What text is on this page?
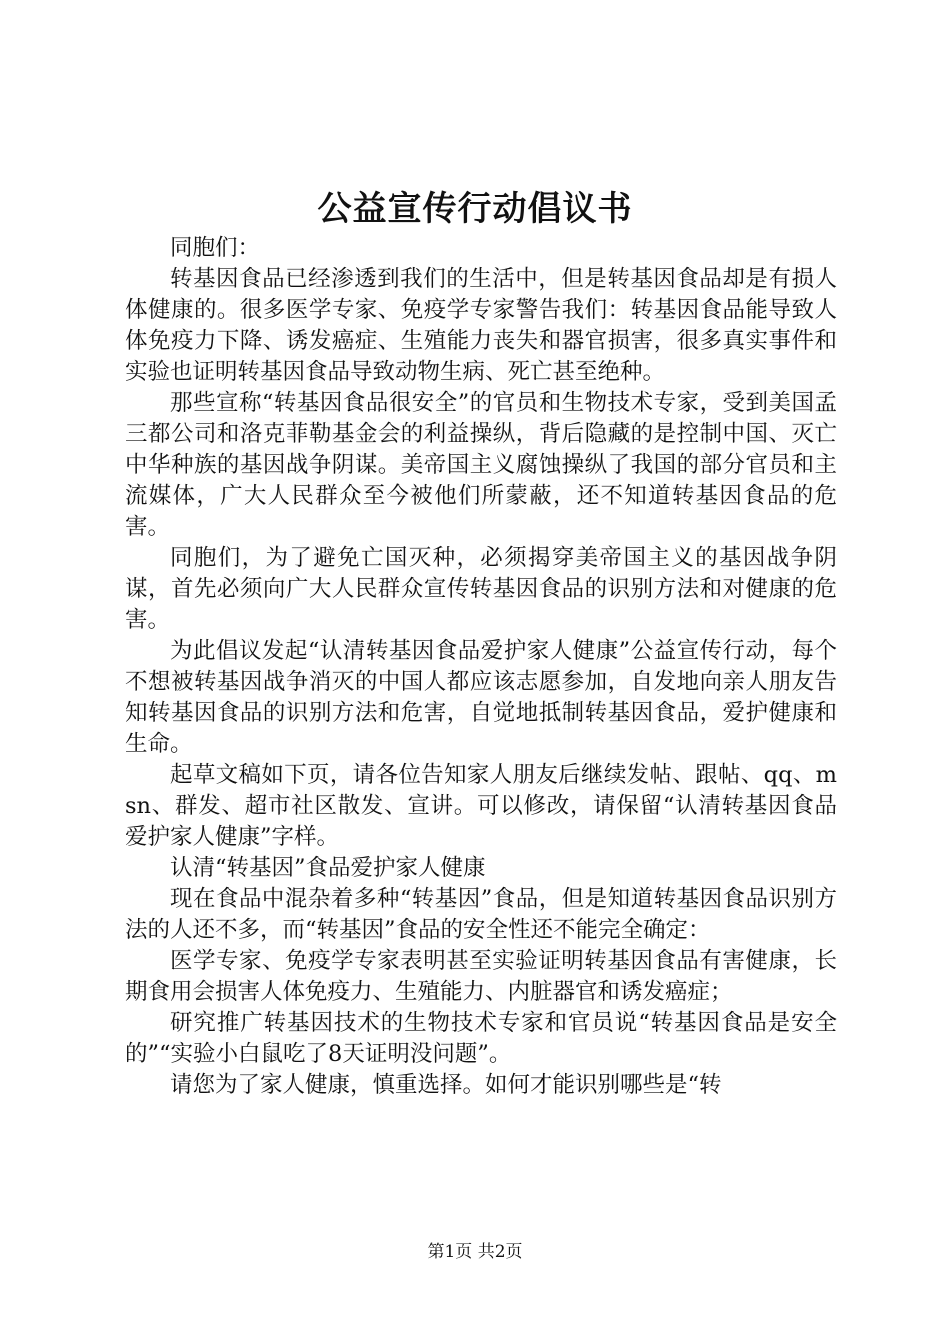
公益宣传行动倡议书

同胞们：

转基因食品已经渗透到我们的生活中，但是转基因食品却是有损人体健康的。很多医学专家、免疫学专家警告我们：转基因食品能导致人体免疫力下降、诱发癌症、生殖能力丧失和器官损害，很多真实事件和实验也证明转基因食品导致动物生病、死亡甚至绝种。

那些宣称“转基因食品很安全”的官员和生物技术专家，受到美国孟三都公司和洛克菲勒基金会的利益操纵，背后隐藏的是控制中国、灭亡中华种族的基因战争阴谋。美帝国主义腐蚀操纵了我国的部分官员和主流媒体，广大人民群众至今被他们所蒙蔽，还不知道转基因食品的危害。

同胞们，为了避免亡国灭种，必须揭穿美帝国主义的基因战争阴谋，首先必须向广大人民群众宣传转基因食品的识别方法和对健康的危害。

为此倡议发起“认清转基因食品爱护家人健康”公益宣传行动，每个不想被转基因战争消灭的中国人都应该志愿参加，自发地向亲人朋友告知转基因食品的识别方法和危害，自觉地抵制转基因食品，爱护健康和生命。

起草文稿如下页，请各位告知家人朋友后继续发帖、跟帖、qq、msn、群发、超市社区散发、宣讲。可以修改，请保留“认清转基因食品爱护家人健康”字样。

认清“转基因”食品爱护家人健康

现在食品中混杂着多种“转基因”食品，但是知道转基因食品识别方法的人还不多，而“转基因”食品的安全性还不能完全确定：

医学专家、免疫学专家表明甚至实验证明转基因食品有害健康，长期食用会损害人体免疫力、生殖能力、内脏器官和诱发癌症；

研究推广转基因技术的生物技术专家和官员说“转基因食品是安全的”“实验小白鼠吃了8天证明没问题”。

请您为了家人健康，慎重选择。如何才能识别哪些是“转

第1页 共2页
